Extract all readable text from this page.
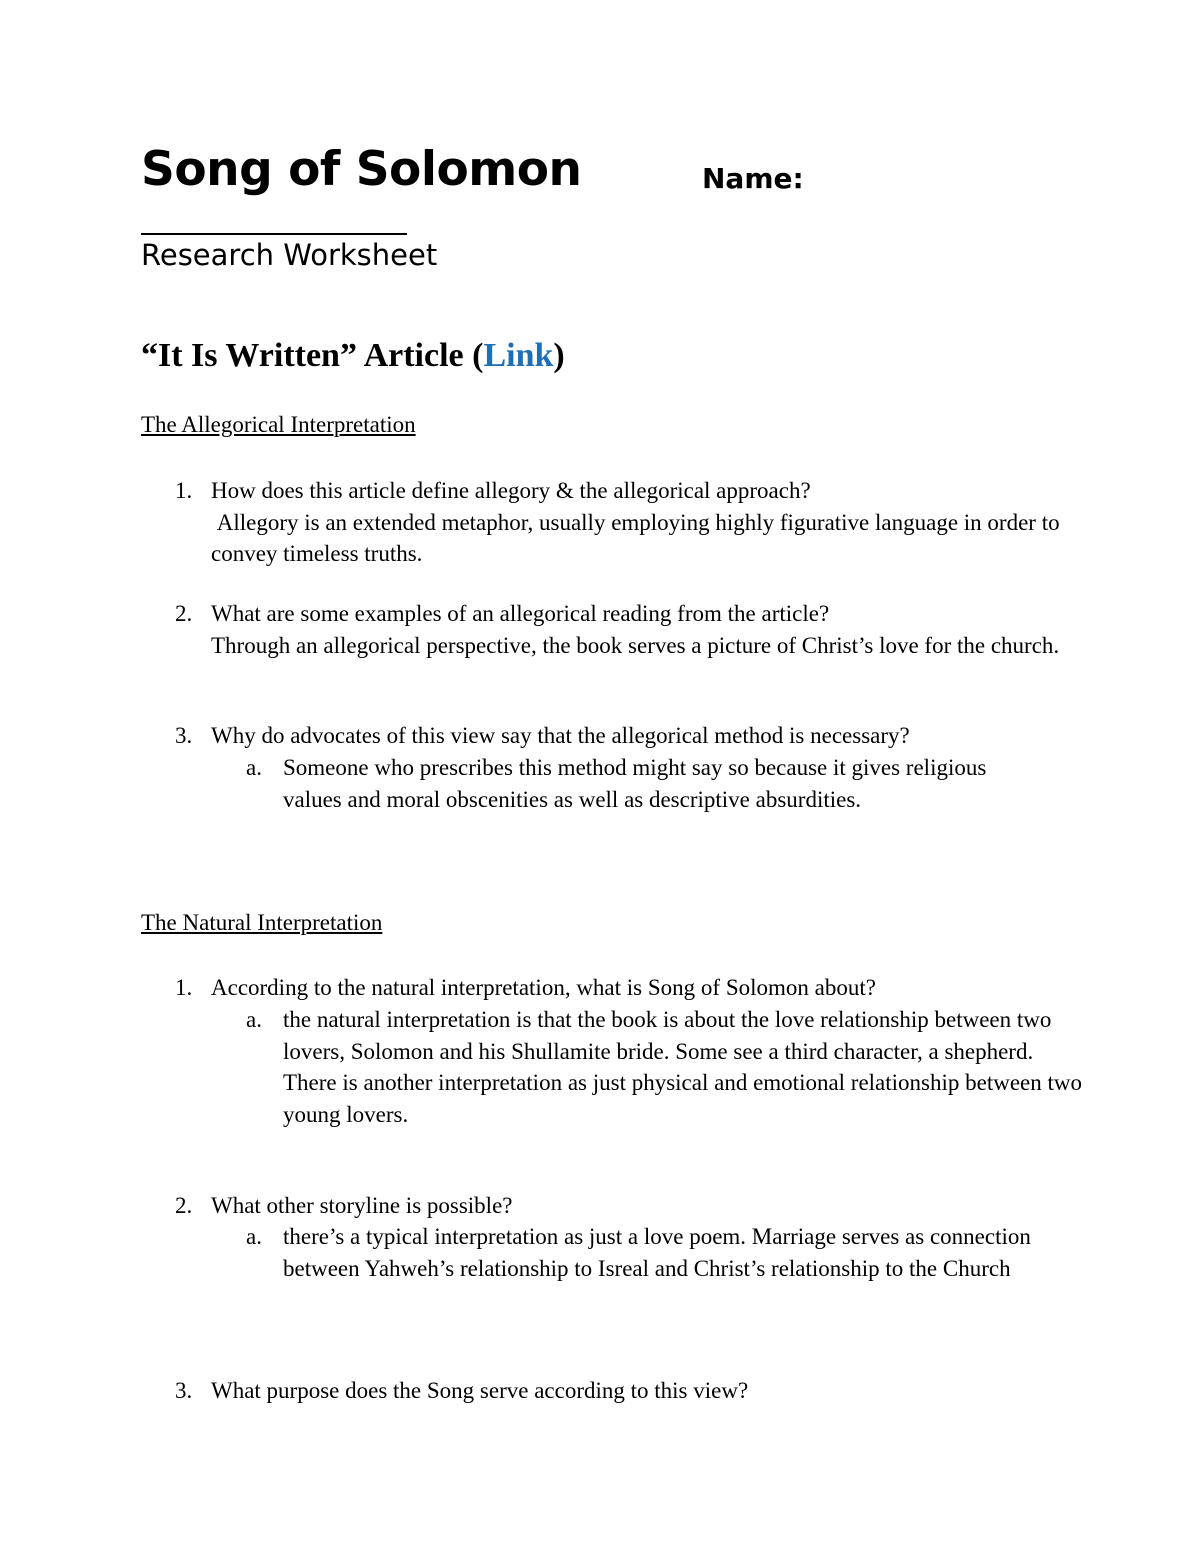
Song of Solomon	Name:
Research Worksheet
“It Is Written” Article (Link)
The Allegorical Interpretation
1. How does this article define allegory & the allegorical approach?
Allegory is an extended metaphor, usually employing highly figurative language in order to convey timeless truths.
2. What are some examples of an allegorical reading from the article?
Through an allegorical perspective, the book serves a picture of Christ’s love for the church.
3. Why do advocates of this view say that the allegorical method is necessary?
a. Someone who prescribes this method might say so because it gives religious values and moral obscenities as well as descriptive absurdities.
The Natural Interpretation
1. According to the natural interpretation, what is Song of Solomon about?
a. the natural interpretation is that the book is about the love relationship between two lovers, Solomon and his Shullamite bride. Some see a third character, a shepherd. There is another interpretation as just physical and emotional relationship between two young lovers.
2. What other storyline is possible?
a. there’s a typical interpretation as just a love poem. Marriage serves as connection between Yahweh’s relationship to Isreal and Christ’s relationship to the Church
3. What purpose does the Song serve according to this view?
